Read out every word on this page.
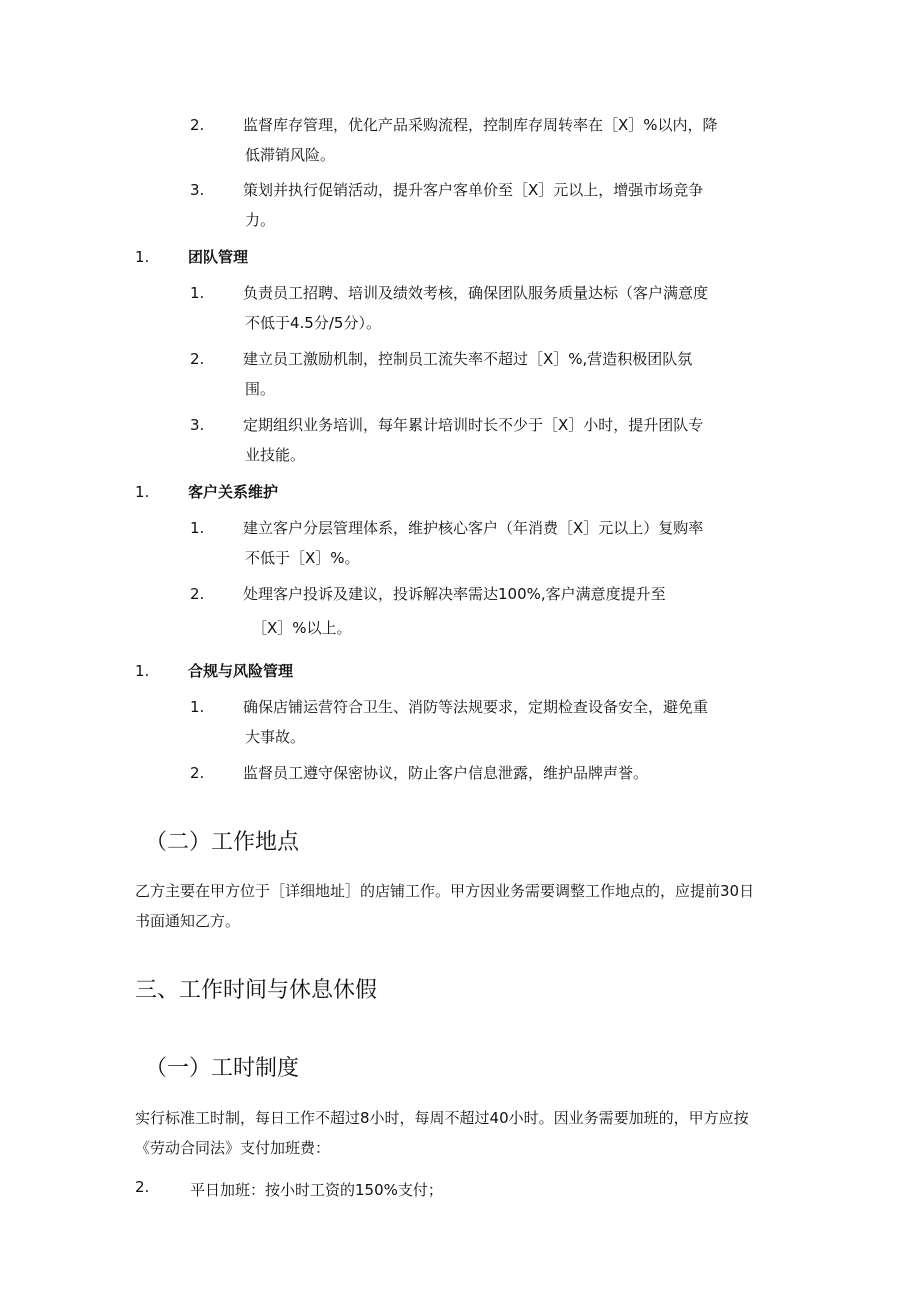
2.	监督库存管理，优化产品采购流程，控制库存周转率在［X］%以内，降
低滞销风险。
3.	策划并执行促销活动，提升客户客单价至［X］元以上，增强市场竞争
力。
1.	团队管理
1.	负责员工招聘、培训及绩效考核，确保团队服务质量达标（客户满意度
不低于4.5分/5分）。
2.	建立员工激励机制，控制员工流失率不超过［X］%,营造积极团队氛
围。
3.	定期组织业务培训，每年累计培训时长不少于［X］小时，提升团队专
业技能。
1.	客户关系维护
1.	建立客户分层管理体系，维护核心客户（年消费［X］元以上）复购率
不低于［X］%。
2.	处理客户投诉及建议，投诉解决率需达100%,客户满意度提升至
［X］%以上。
1.	合规与风险管理
1.	确保店铺运营符合卫生、消防等法规要求，定期检查设备安全，避免重
大事故。
2.	监督员工遵守保密协议，防止客户信息泄露，维护品牌声誉。
（二）工作地点
乙方主要在甲方位于［详细地址］的店铺工作。甲方因业务需要调整工作地点的，应提前30日
书面通知乙方。
三、工作时间与休息休假
（一）工时制度
实行标准工时制，每日工作不超过8小时，每周不超过40小时。因业务需要加班的，甲方应按
《劳动合同法》支付加班费：
2.	平日加班：按小时工资的150%支付；
